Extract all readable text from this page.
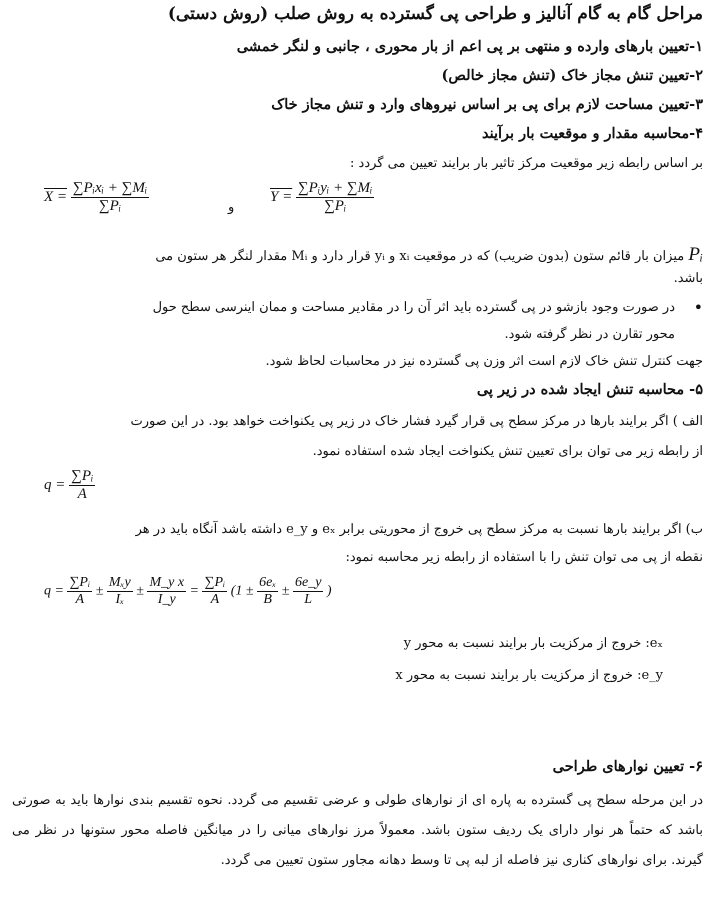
مراحل گام به گام آنالیز و طراحی پی گسترده به روش صلب (روش دستی)
۱-تعیین بارهای وارده و منتهی بر پی اعم از بار محوری ، جانبی و لنگر خمشی
۲-تعیین تنش مجاز خاک (تنش مجاز خالص)
۳-تعیین مساحت لازم برای پی بر اساس نیروهای وارد و تنش مجاز خاک
۴-محاسبه مقدار و موقعیت بار برآیند
بر اساس رابطه زیر موقعیت مرکز تاثیر بار برایند تعیین می گردد :
$X = \frac{\text{∑Pᵢxᵢ + ∑Mᵢ}}{\text{∑Pᵢ}}$	و
$Y = \frac{\text{∑Pᵢyᵢ + ∑Mᵢ}}{\text{∑Pᵢ}}$
Pᵢ میزان بار قائم ستون (بدون ضریب) که در موقعیت xᵢ و yᵢ قرار دارد و Mᵢ مقدار لنگر هر ستون می
باشد.
•
در صورت وجود بازشو در پی گسترده باید اثر آن را در مقادیر مساحت و ممان اینرسی سطح حول
محور تقارن در نظر گرفته شود.
جهت کنترل تنش خاک لازم است اثر وزن پی گسترده نیز در محاسبات لحاظ شود.
۵- محاسبه تنش ایجاد شده در زیر پی
الف ) اگر برایند بارها در مرکز سطح پی قرار گیرد فشار خاک در زیر پی یکنواخت خواهد بود. در این صورت
از رابطه زیر می توان برای تعیین تنش یکنواخت ایجاد شده استفاده نمود.
$q = \frac{\text{∑Pᵢ}}{A}$
ب) اگر برایند بارها نسبت به مرکز سطح پی خروج از محوریتی برابر eₓ و e_y داشته باشد آنگاه باید در هر
نقطه از پی می توان تنش را با استفاده از رابطه زیر محاسبه نمود:
$q = \frac{\text{∑Pᵢ}}{A} \pm \frac{\text{Mₓy}}{\text{Iₓ}} \pm \frac{\text{M\_y x}}{I\_y} = \frac{\text{∑Pᵢ}}{A} (1 \pm \frac{\text{6eₓ}}{B} \pm \frac{6e\_y}{L}$ )
eₓ: خروج از مرکزیت بار برایند نسبت به محور y
e_y: خروج از مرکزیت بار برایند نسبت به محور x
۶- تعیین نوارهای طراحی
در این مرحله سطح پی گسترده به پاره ای از نوارهای طولی و عرضی تقسیم می گردد. نحوه تقسیم بندی نوارها باید به صورتی باشد که حتماً هر نوار دارای یک ردیف ستون باشد. معمولاً مرز نوارهای میانی را در میانگین فاصله محور ستونها در نظر می گیرند. برای نوارهای کناری نیز فاصله از لبه پی تا وسط دهانه مجاور ستون تعیین می گردد.
